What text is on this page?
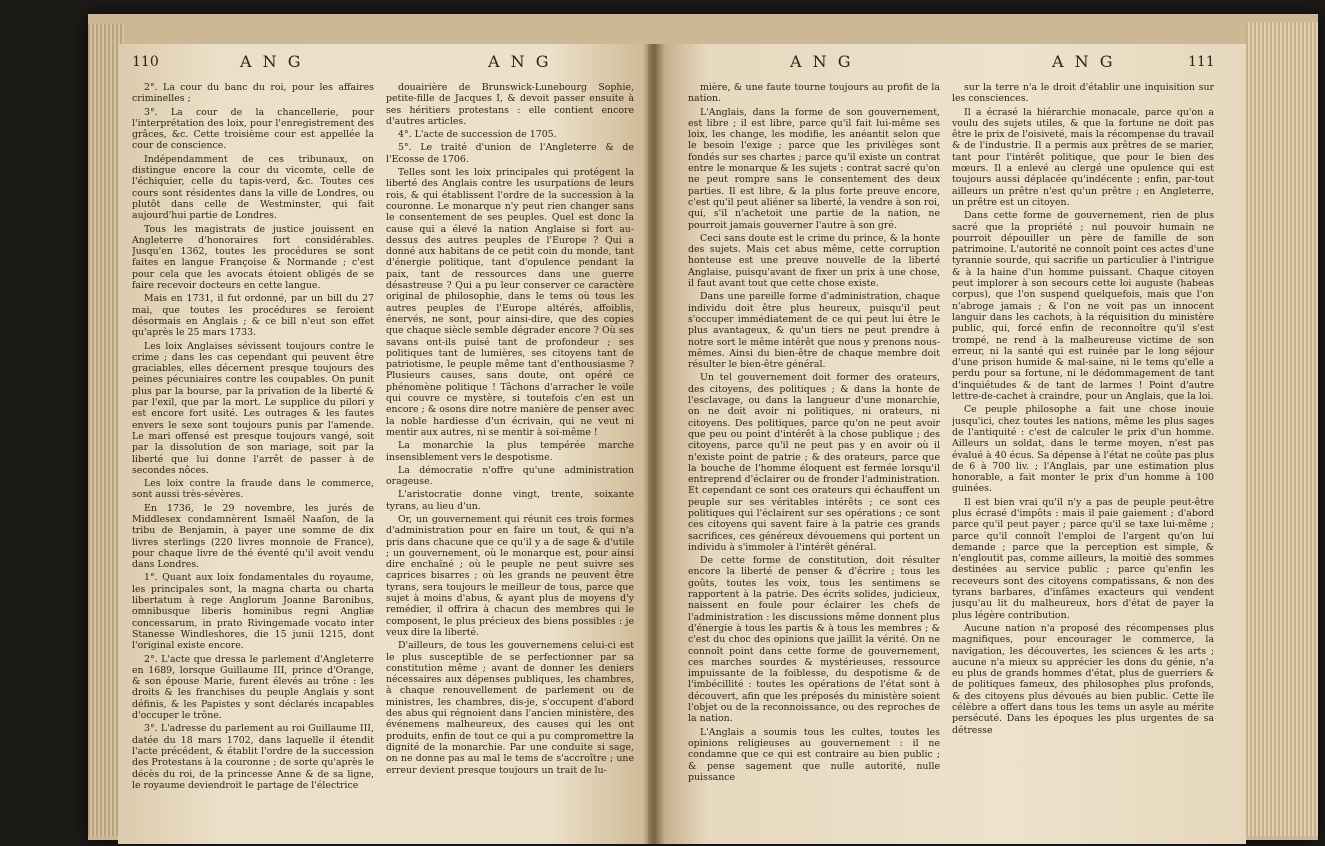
110	A N G	A N G

2°. La cour du banc du roi, pour les affaires criminelles ;

3°. La cour de la chancellerie, pour l'interprétation des loix, pour l'enregistrement des grâces, &c. Cette troisième cour est appellée la cour de conscience.

Indépendamment de ces tribunaux, on distingue encore la cour du vicomte, celle de l'échiquier, celle du tapis-verd, &c. Toutes ces cours sont résidentes dans la ville de Londres, ou plutôt dans celle de Westminster, qui fait aujourd'hui partie de Londres.

Tous les magistrats de justice jouissent en Angleterre d'honoraires fort considérables. Jusqu'en 1362, toutes les procédures se sont faites en langue Françoise & Normande ; c'est pour cela que les avocats étoient obligés de se faire recevoir docteurs en cette langue.

Mais en 1731, il fut ordonné, par un bill du 27 mai, que toutes les procédures se feroient désormais en Anglais ; & ce bill n'eut son effet qu'après le 25 mars 1733.

Les loix Anglaises sévissent toujours contre le crime ; dans les cas cependant qui peuvent être graciables, elles décernent presque toujours des peines pécuniaires contre les coupables. On punit plus par la bourse, par la privation de la liberté & par l'exil, que par la mort. Le supplice du pilori y est encore fort usité. Les outrages & les fautes envers le sexe sont toujours punis par l'amende. Le mari offensé est presque toujours vangé, soit par la dissolution de son mariage, soit par la liberté que lui donne l'arrêt de passer à de secondes nôces.

Les loix contre la fraude dans le commerce, sont aussi très-sévères.

En 1736, le 29 novembre, les jurés de Middlesex condamnèrent Ismaël Naaſon, de la tribu de Benjamin, à payer une somme de dix livres sterlings (220 livres monnoie de France), pour chaque livre de thé éventé qu'il avoit vendu dans Londres.

1°. Quant aux loix fondamentales du royaume, les principales sont, la magna charta ou charta libertatum à rege Anglorum Joanne Baronibus, omnibusque liberis hominibus regni Angliæ concessarum, in prato Rivingemade vocato inter Stanesse Windleshores, die 15 junii 1215, dont l'original existe encore.

2°. L'acte que dressa le parlement d'Angleterre en 1689, lorsque Guillaume III, prince d'Orange, & son épouse Marie, furent élevés au trône : les droits & les franchises du peuple Anglais y sont définis, & les Papistes y sont déclarés incapables d'occuper le trône.

3°. L'adresse du parlement au roi Guillaume III, datée du 18 mars 1702, dans laquelle il étendit l'acte précédent, & établit l'ordre de la succession des Protestans à la couronne ; de sorte qu'après le décès du roi, de la princesse Anne & de sa ligne, le royaume deviendroit le partage de l'électrice

douairière de Brunswick-Lunebourg Sophie, petite-fille de Jacques I, & devoit passer ensuite à ses héritiers protestans : elle contient encore d'autres articles.

4°. L'acte de succession de 1705.

5°. Le traité d'union de l'Angleterre & de l'Ecosse de 1706.

Telles sont les loix principales qui protégent la liberté des Anglais contre les usurpations de leurs rois, & qui établissent l'ordre de la succession à la couronne. Le monarque n'y peut rien changer sans le consentement de ses peuples. Quel est donc la cause qui a élevé la nation Anglaise si fort au-dessus des autres peuples de l'Europe ? Qui a donné aux habitans de ce petit coin du monde, tant d'énergie politique, tant d'opulence pendant la paix, tant de ressources dans une guerre désastreuse ? Qui a pu leur conserver ce caractère original de philosophie, dans le tems où tous les autres peuples de l'Europe altérés, affoiblis, énervés, ne sont, pour ainsi-dire, que des copies que chaque siècle semble dégrader encore ? Où ses savans ont-ils puisé tant de profondeur ; ses politiques tant de lumières, ses citoyens tant de patriotisme, le peuple même tant d'enthousiasme ? Plusieurs causes, sans doute, ont opéré ce phénomène politique ! Tâchons d'arracher le voile qui couvre ce mystère, si toutefois c'en est un encore ; & osons dire notre manière de penser avec la noble hardiesse d'un écrivain, qui ne veut ni mentir aux autres, ni se mentir à soi-même !

La monarchie la plus tempérée marche insensiblement vers le despotisme.

La démocratie n'offre qu'une administration orageuse.

L'aristocratie donne vingt, trente, soixante tyrans, au lieu d'un.

Or, un gouvernement qui réunit ces trois formes d'administration pour en faire un tout, & qui n'a pris dans chacune que ce qu'il y a de sage & d'utile ; un gouvernement, où le monarque est, pour ainsi dire enchaîné ; où le peuple ne peut suivre ses caprices bisarres ; où les grands ne peuvent être tyrans, sera toujours le meilleur de tous, parce que sujet à moins d'abus, & ayant plus de moyens d'y remédier, il offrira à chacun des membres qui le composent, le plus précieux des biens possibles : je veux dire la liberté.

D'ailleurs, de tous les gouvernemens celui-ci est le plus susceptible de se perfectionner par sa constitution même ; avant de donner les deniers nécessaires aux dépenses publiques, les chambres, à chaque renouvellement de parlement ou de ministres, les chambres, dis-je, s'occupent d'abord des abus qui régnoient dans l'ancien ministère, des événemens malheureux, des causes qui les ont produits, enfin de tout ce qui a pu compromettre la dignité de la monarchie. Par une conduite si sage, on ne donne pas au mal le tems de s'accroître ; une erreur devient presque toujours un trait de lu-

A N G	A N G	111

mière, & une faute tourne toujours au profit de la nation.

L'Anglais, dans la forme de son gouvernement, est libre ; il est libre, parce qu'il fait lui-même ses loix, les change, les modifie, les anéantit selon que le besoin l'exige ; parce que les privilèges sont fondés sur ses chartes ; parce qu'il existe un contrat entre le monarque & les sujets : contrat sacré qu'on ne peut rompre sans le consentement des deux parties. Il est libre, & la plus forte preuve encore, c'est qu'il peut aliéner sa liberté, la vendre à son roi, qui, s'il n'achetoit une partie de la nation, ne pourroit jamais gouverner l'autre à son gré.

Ceci sans doute est le crime du prince, & la honte des sujets. Mais cet abus même, cette corruption honteuse est une preuve nouvelle de la liberté Anglaise, puisqu'avant de fixer un prix à une chose, il faut avant tout que cette chose existe.

Dans une pareille forme d'administration, chaque individu doit être plus heureux, puisqu'il peut s'occuper immédiatement de ce qui peut lui être le plus avantageux, & qu'un tiers ne peut prendre à notre sort le même intérêt que nous y prenons nous-mêmes. Ainsi du bien-être de chaque membre doit résulter le bien-être général.

Un tel gouvernement doit former des orateurs, des citoyens, des politiques ; & dans la honte de l'esclavage, ou dans la langueur d'une monarchie, on ne doit avoir ni politiques, ni orateurs, ni citoyens. Des politiques, parce qu'on ne peut avoir que peu ou point d'intérêt à la chose publique ; des citoyens, parce qu'il ne peut pas y en avoir où il n'existe point de patrie ; & des orateurs, parce que la bouche de l'homme éloquent est fermée lorsqu'il entreprend d'éclairer ou de fronder l'administration. Et cependant ce sont ces orateurs qui échauffent un peuple sur ses véritables intérêts ; ce sont ces politiques qui l'éclairent sur ses opérations ; ce sont ces citoyens qui savent faire à la patrie ces grands sacrifices, ces généreux dévouemens qui portent un individu à s'immoler à l'intérêt général.

De cette forme de constitution, doit résulter encore la liberté de penser & d'écrire ; tous les goûts, toutes les voix, tous les sentimens se rapportent à la patrie. Des écrits solides, judicieux, naissent en foule pour éclairer les chefs de l'administration : les discussions même donnent plus d'énergie à tous les partis & à tous les membres ; & c'est du choc des opinions que jaillit la vérité. On ne connoît point dans cette forme de gouvernement, ces marches sourdes & mystérieuses, ressource impuissante de la foiblesse, du despotisme & de l'imbécillité : toutes les opérations de l'état sont à découvert, afin que les préposés du ministère soient l'objet ou de la reconnoissance, ou des reproches de la nation.

L'Anglais a soumis tous les cultes, toutes les opinions religieuses au gouvernement : il ne condamne que ce qui est contraire au bien public ; & pense sagement que nulle autorité, nulle puissance

sur la terre n'a le droit d'établir une inquisition sur les consciences.

Il a écrasé la hiérarchie monacale, parce qu'on a voulu des sujets utiles, & que la fortune ne doit pas être le prix de l'oisiveté, mais la récompense du travail & de l'industrie. Il a permis aux prêtres de se marier, tant pour l'intérêt politique, que pour le bien des mœurs. Il a enlevé au clergé une opulence qui est toujours aussi déplacée qu'indécente ; enfin, par-tout ailleurs un prêtre n'est qu'un prêtre ; en Angleterre, un prêtre est un citoyen.

Dans cette forme de gouvernement, rien de plus sacré que la propriété ; nul pouvoir humain ne pourroit dépouiller un père de famille de son patrimoine. L'autorité ne connoît point ces actes d'une tyrannie sourde, qui sacrifie un particulier à l'intrigue & à la haine d'un homme puissant. Chaque citoyen peut implorer à son secours cette loi auguste (habeas corpus), que l'on suspend quelquefois, mais que l'on n'abroge jamais ; & l'on ne voit pas un innocent languir dans les cachots, à la réquisition du ministère public, qui, forcé enfin de reconnoître qu'il s'est trompé, ne rend à la malheureuse victime de son erreur, ni la santé qui est ruinée par le long séjour d'une prison humide & mal-saine, ni le tems qu'elle a perdu pour sa fortune, ni le dédommagement de tant d'inquiétudes & de tant de larmes ! Point d'autre lettre-de-cachet à craindre, pour un Anglais, que la loi.

Ce peuple philosophe a fait une chose inouie jusqu'ici, chez toutes les nations, même les plus sages de l'antiquité : c'est de calculer le prix d'un homme. Ailleurs un soldat, dans le terme moyen, n'est pas évalué à 40 écus. Sa dépense à l'état ne coûte pas plus de 6 à 700 liv. ; l'Anglais, par une estimation plus honorable, a fait monter le prix d'un homme à 100 guinées.

Il est bien vrai qu'il n'y a pas de peuple peut-être plus écrasé d'impôts : mais il paie gaiement ; d'abord parce qu'il peut payer ; parce qu'il se taxe lui-même ; parce qu'il connoît l'emploi de l'argent qu'on lui demande ; parce que la perception est simple, & n'engloutit pas, comme ailleurs, la moitié des sommes destinées au service public ; parce qu'enfin les receveurs sont des citoyens compatissans, & non des tyrans barbares, d'infâmes exacteurs qui vendent jusqu'au lit du malheureux, hors d'état de payer la plus légère contribution.

Aucune nation n'a proposé des récompenses plus magnifiques, pour encourager le commerce, la navigation, les découvertes, les sciences & les arts ; aucune n'a mieux su apprécier les dons du génie, n'a eu plus de grands hommes d'état, plus de guerriers & de politiques fameux, des philosophes plus profonds, & des citoyens plus dévoués au bien public. Cette île célèbre a offert dans tous les tems un asyle au mérite persécuté. Dans les époques les plus urgentes de sa détresse
